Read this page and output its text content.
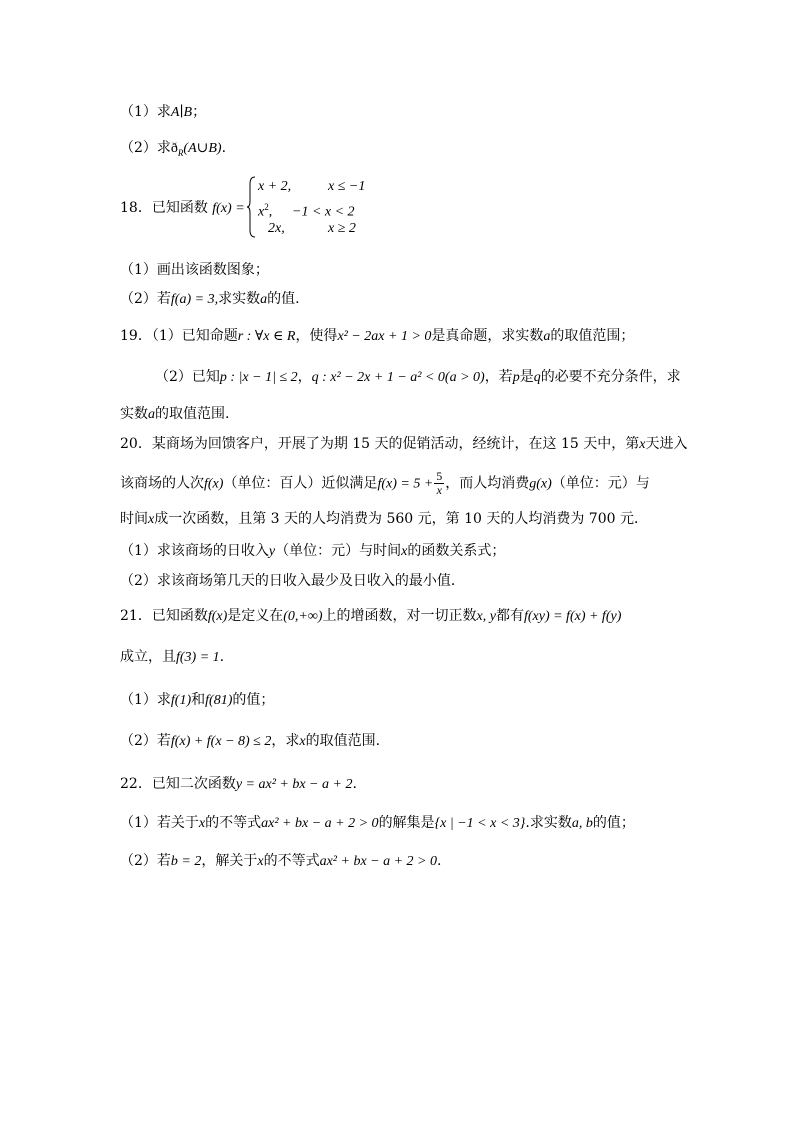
（1）求A∣B；
（2）求$ð_R(A\cup B)$.
18．已知函数 f(x) =
x + 2,	x ≤ −1
$x^2$, −1 < x < 2
2x,	x ≥ 2
（1）画出该函数图象；
（2）若f(a) = 3,求实数a的值.
19．（1）已知命题r : ∀x ∈ R，使得x² − 2ax + 1 > 0是真命题，求实数a的取值范围；
（2）已知p : |x − 1| ≤ 2，q : x² − 2x + 1 − a² < 0(a > 0)，若p是q的必要不充分条件，求
实数a的取值范围.
20．某商场为回馈客户，开展了为期 15 天的促销活动，经统计，在这 15 天中，第x天进入
该商场的人次f(x)（单位：百人）近似满足$f(x) = 5 + \frac{5}{x}$ ，而人均消费g(x)（单位：元）与
时间x成一次函数，且第 3 天的人均消费为 560 元，第 10 天的人均消费为 700 元．
（1）求该商场的日收入y（单位：元）与时间x的函数关系式；
（2）求该商场第几天的日收入最少及日收入的最小值．
21．已知函数f(x)是定义在(0,+∞)上的增函数，对一切正数x, y都有f(xy) = f(x) + f(y)
成立，且f(3) = 1.
（1）求f(1)和f(81)的值；
（2）若f(x) + f(x − 8) ≤ 2，求x的取值范围.
22．已知二次函数y = ax² + bx − a + 2.
（1）若关于x的不等式ax² + bx − a + 2 > 0的解集是{x | −1 < x < 3}.求实数a, b的值；
（2）若b = 2，解关于x的不等式ax² + bx − a + 2 > 0.
